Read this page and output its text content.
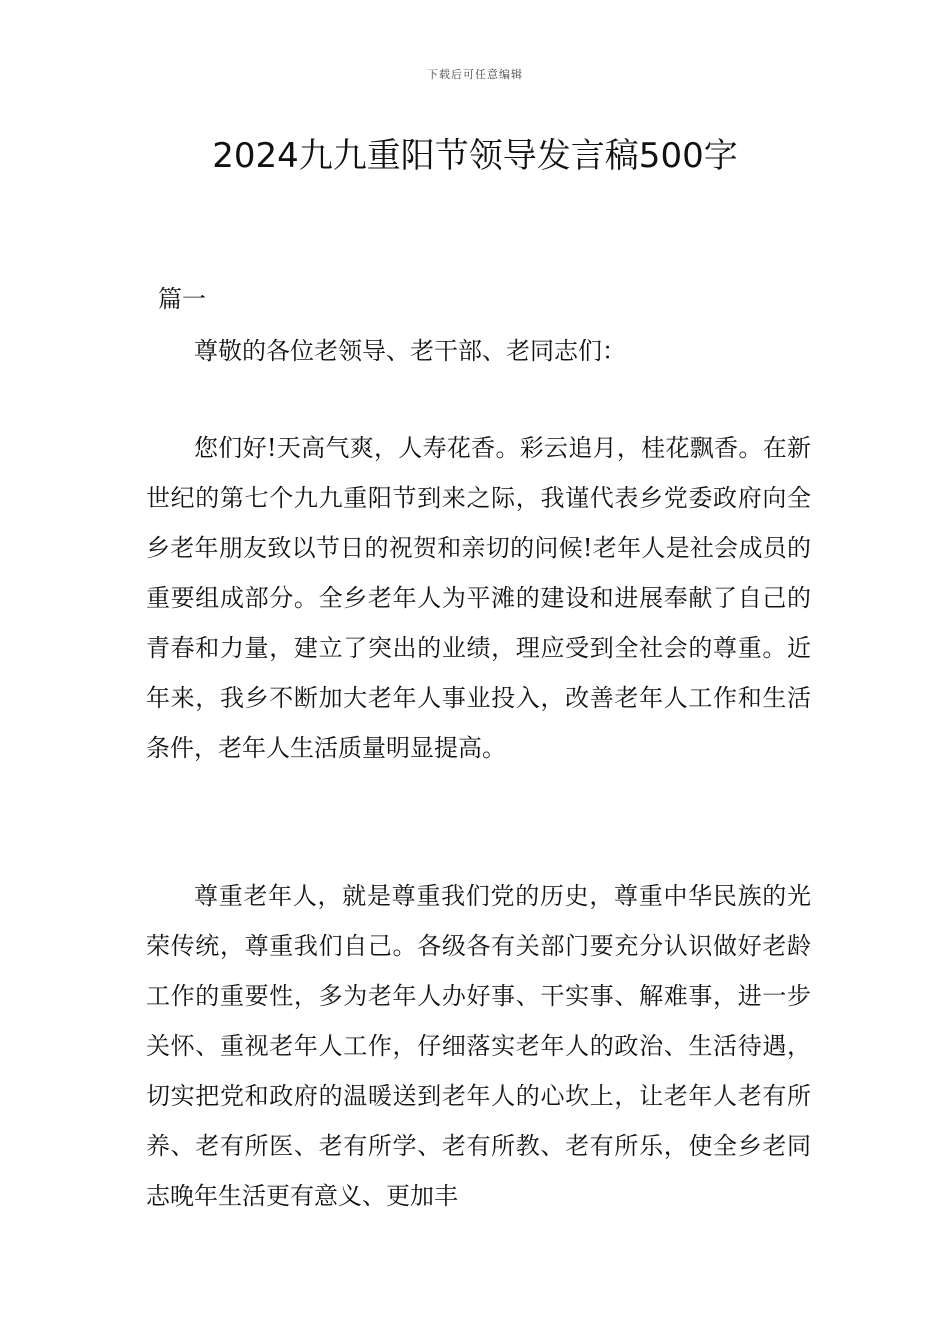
下载后可任意编辑
2024九九重阳节领导发言稿500字
篇一

尊敬的各位老领导、老干部、老同志们：

您们好!天高气爽，人寿花香。彩云追月，桂花飘香。在新世纪的第七个九九重阳节到来之际，我谨代表乡党委政府向全乡老年朋友致以节日的祝贺和亲切的问候!老年人是社会成员的重要组成部分。全乡老年人为平滩的建设和进展奉献了自己的青春和力量，建立了突出的业绩，理应受到全社会的尊重。近年来，我乡不断加大老年人事业投入，改善老年人工作和生活条件，老年人生活质量明显提高。

尊重老年人，就是尊重我们党的历史，尊重中华民族的光荣传统，尊重我们自己。各级各有关部门要充分认识做好老龄工作的重要性，多为老年人办好事、干实事、解难事，进一步关怀、重视老年人工作，仔细落实老年人的政治、生活待遇，切实把党和政府的温暖送到老年人的心坎上，让老年人老有所养、老有所医、老有所学、老有所教、老有所乐，使全乡老同志晚年生活更有意义、更加丰
